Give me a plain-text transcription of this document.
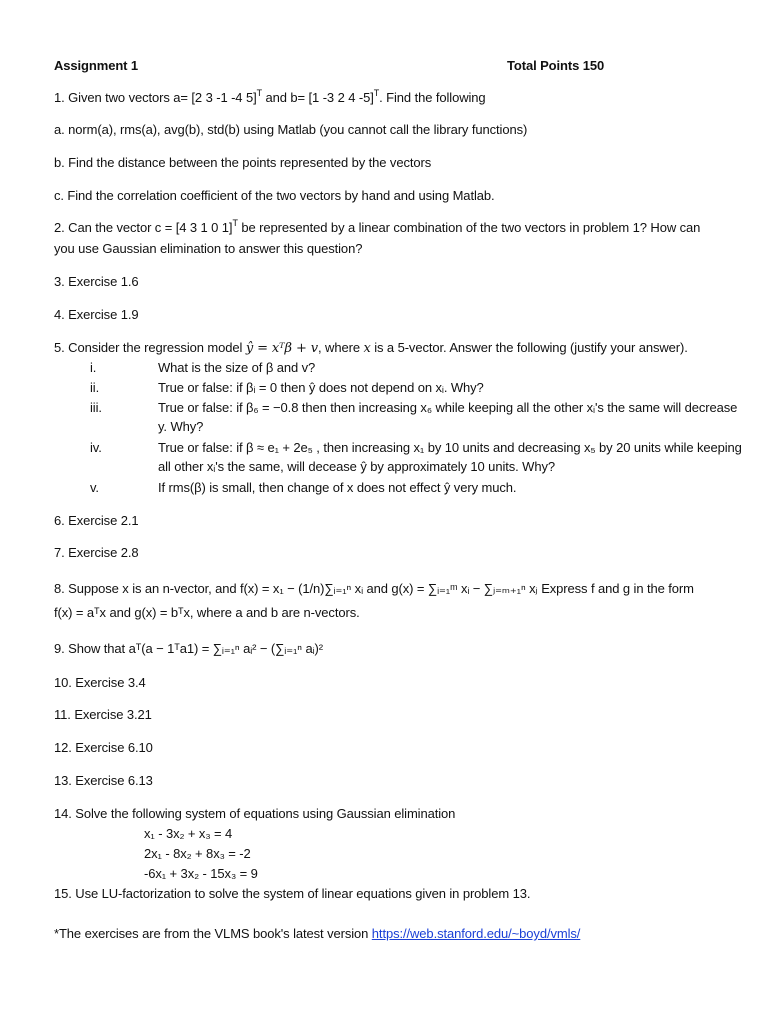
Assignment 1	Total Points 150
1. Given two vectors a= [2 3 -1 -4 5]$^T$ and b= [1 -3 2 4 -5]$^T$. Find the following
a. norm(a), rms(a), avg(b), std(b) using Matlab (you cannot call the library functions)
b. Find the distance between the points represented by the vectors
c. Find the correlation coefficient of the two vectors by hand and using Matlab.
2. Can the vector c = [4 3 1 0 1]$^T$ be represented by a linear combination of the two vectors in problem 1? How can
you use Gaussian elimination to answer this question?
3. Exercise 1.6
4. Exercise 1.9
5. Consider the regression model ŷ = xᵀβ + v, where x is a 5-vector. Answer the following (justify your answer).
i.	What is the size of β and v?
ii.	True or false: if βᵢ = 0 then ŷ does not depend on xᵢ. Why?
iii.	True or false: if β₆ = −0.8 then then increasing x₆ while keeping all the other xᵢ's the same will decrease
y. Why?
iv.	True or false: if β ≈ e₁ + 2e₅ , then increasing x₁ by 10 units and decreasing x₅ by 20 units while keeping
all other xᵢ's the same, will decease ŷ by approximately 10 units. Why?
v.	If rms(β) is small, then change of x does not effect ŷ very much.
6. Exercise 2.1
7. Exercise 2.8
8. Suppose x is an n-vector, and f(x) = x₁ − (1/n)∑ᵢ₌₁ⁿ xᵢ and g(x) = ∑ᵢ₌₁ᵐ xᵢ − ∑ⱼ₌ₘ₊₁ⁿ xⱼ Express f and g in the form
f(x) = aᵀx and g(x) = bᵀx, where a and b are n-vectors.
9. Show that aᵀ(a − 1ᵀa1) = ∑ᵢ₌₁ⁿ aᵢ² − (∑ᵢ₌₁ⁿ aᵢ)²
10. Exercise 3.4
11. Exercise 3.21
12. Exercise 6.10
13. Exercise 6.13
14. Solve the following system of equations using Gaussian elimination
x₁ - 3x₂ + x₃ = 4
2x₁ - 8x₂ + 8x₃ = -2
-6x₁ + 3x₂ - 15x₃ = 9
15. Use LU-factorization to solve the system of linear equations given in problem 13.
*The exercises are from the VLMS book's latest version https://web.stanford.edu/~boyd/vmls/
